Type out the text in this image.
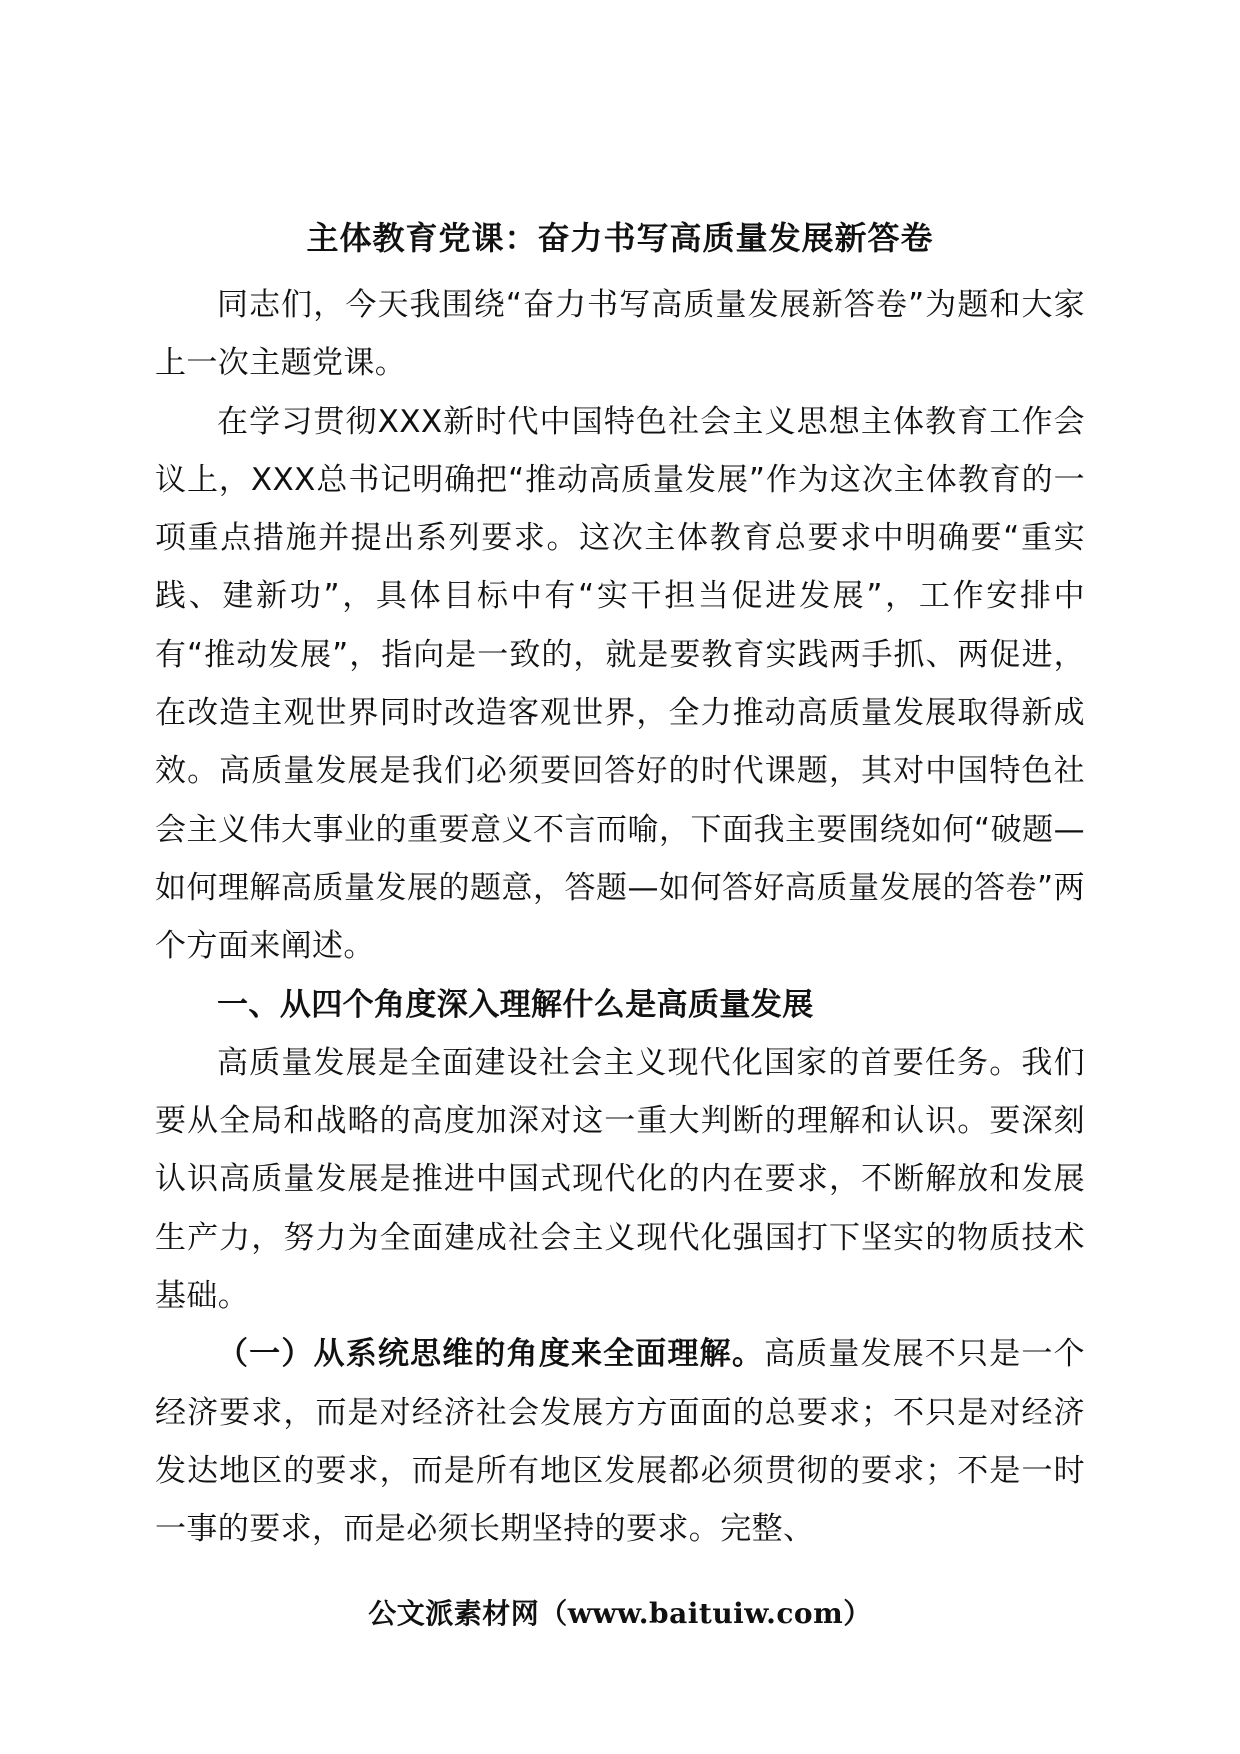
主体教育党课：奋力书写高质量发展新答卷

同志们，今天我围绕“奋力书写高质量发展新答卷”为题和大家上一次主题党课。

在学习贯彻XXX新时代中国特色社会主义思想主体教育工作会议上，XXX总书记明确把“推动高质量发展”作为这次主体教育的一项重点措施并提出系列要求。这次主体教育总要求中明确要“重实践、建新功”，具体目标中有“实干担当促进发展”，工作安排中有“推动发展”，指向是一致的，就是要教育实践两手抓、两促进，在改造主观世界同时改造客观世界，全力推动高质量发展取得新成效。高质量发展是我们必须要回答好的时代课题，其对中国特色社会主义伟大事业的重要意义不言而喻，下面我主要围绕如何“破题—如何理解高质量发展的题意，答题—如何答好高质量发展的答卷”两个方面来阐述。

一、从四个角度深入理解什么是高质量发展

高质量发展是全面建设社会主义现代化国家的首要任务。我们要从全局和战略的高度加深对这一重大判断的理解和认识。要深刻认识高质量发展是推进中国式现代化的内在要求，不断解放和发展生产力，努力为全面建成社会主义现代化强国打下坚实的物质技术基础。

（一）从系统思维的角度来全面理解。高质量发展不只是一个经济要求，而是对经济社会发展方方面面的总要求；不只是对经济发达地区的要求，而是所有地区发展都必须贯彻的要求；不是一时一事的要求，而是必须长期坚持的要求。完整、

公文派素材网（www.baituiw.com）
